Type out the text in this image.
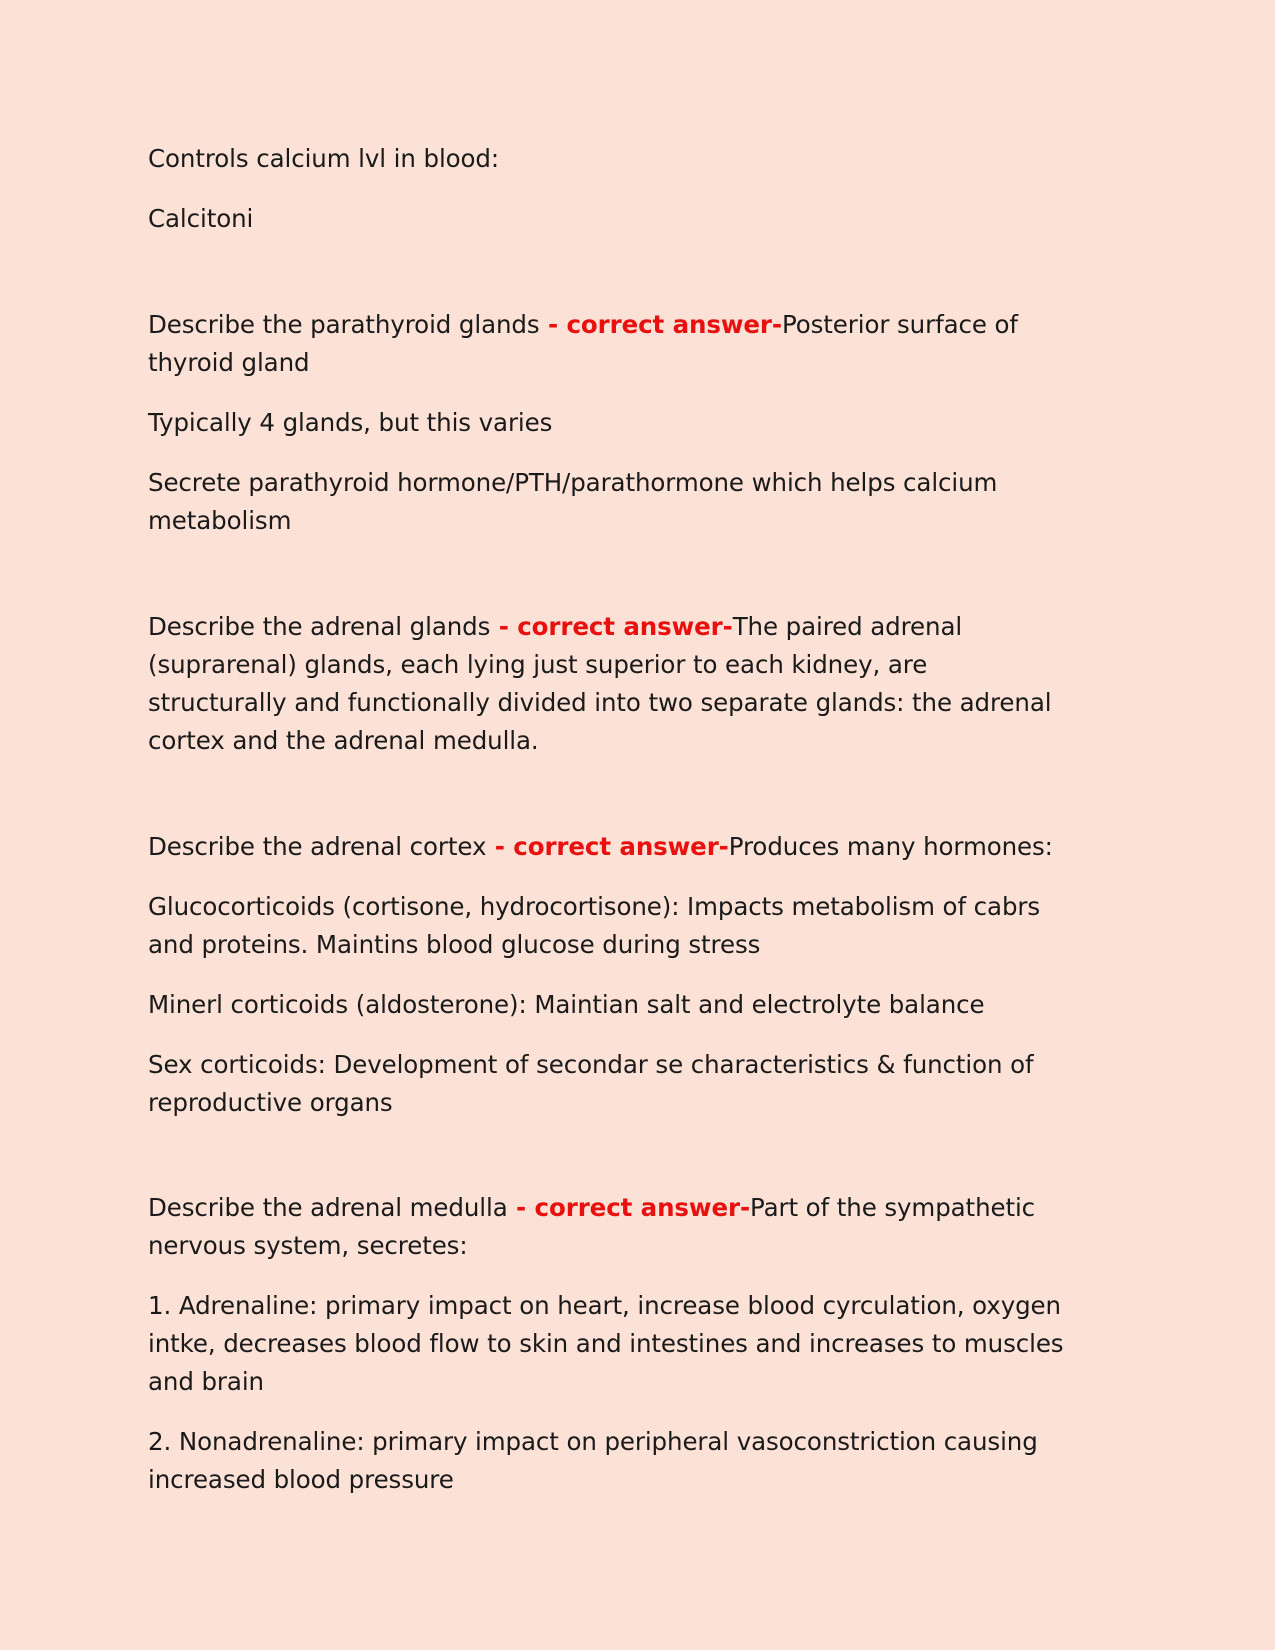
Controls calcium lvl in blood:

Calcitoni

Describe the parathyroid glands - correct answer-Posterior surface of thyroid gland

Typically 4 glands, but this varies

Secrete parathyroid hormone/PTH/parathormone which helps calcium metabolism

Describe the adrenal glands - correct answer-The paired adrenal (suprarenal) glands, each lying just superior to each kidney, are structurally and functionally divided into two separate glands: the adrenal cortex and the adrenal medulla.

Describe the adrenal cortex - correct answer-Produces many hormones:

Glucocorticoids (cortisone, hydrocortisone): Impacts metabolism of cabrs and proteins. Maintins blood glucose during stress

Minerl corticoids (aldosterone): Maintian salt and electrolyte balance

Sex corticoids: Development of secondar se characteristics & function of reproductive organs

Describe the adrenal medulla - correct answer-Part of the sympathetic nervous system, secretes:

1. Adrenaline: primary impact on heart, increase blood cyrculation, oxygen intke, decreases blood flow to skin and intestines and increases to muscles and brain

2. Nonadrenaline: primary impact on peripheral vasoconstriction causing increased blood pressure
